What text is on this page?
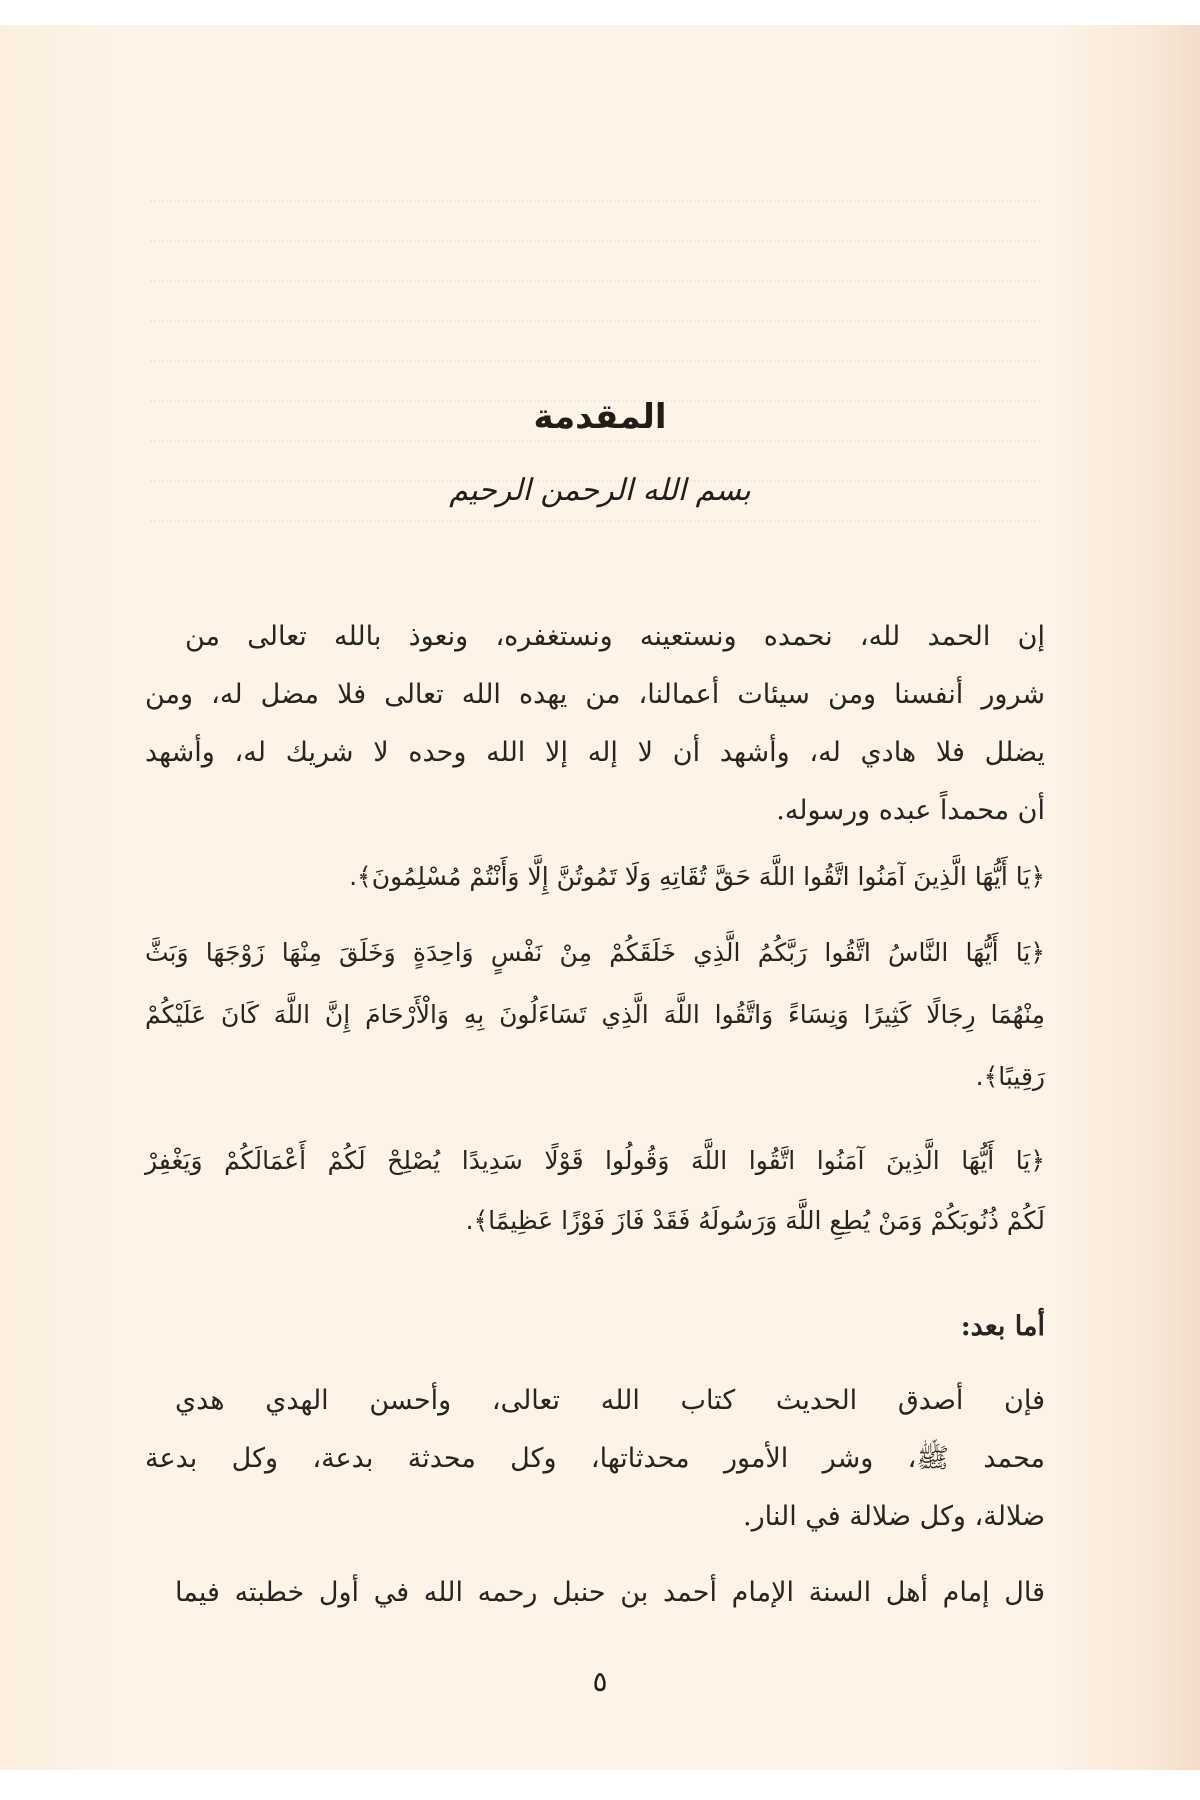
المقدمة
بسم الله الرحمن الرحيم
إن الحمد لله، نحمده ونستعينه ونستغفره، ونعوذ بالله تعالى من
شرور أنفسنا ومن سيئات أعمالنا، من يهده الله تعالى فلا مضل له، ومن
يضلل فلا هادي له، وأشهد أن لا إله إلا الله وحده لا شريك له، وأشهد
أن محمداً عبده ورسوله.
﴿يَا أَيُّهَا الَّذِينَ آمَنُوا اتَّقُوا اللَّهَ حَقَّ تُقَاتِهِ وَلَا تَمُوتُنَّ إِلَّا وَأَنْتُمْ مُسْلِمُونَ﴾.
﴿يَا أَيُّهَا النَّاسُ اتَّقُوا رَبَّكُمُ الَّذِي خَلَقَكُمْ مِنْ نَفْسٍ وَاحِدَةٍ وَخَلَقَ مِنْهَا زَوْجَهَا وَبَثَّ
مِنْهُمَا رِجَالًا كَثِيرًا وَنِسَاءً وَاتَّقُوا اللَّهَ الَّذِي تَسَاءَلُونَ بِهِ وَالْأَرْحَامَ إِنَّ اللَّهَ كَانَ عَلَيْكُمْ
رَقِيبًا﴾.
﴿يَا أَيُّهَا الَّذِينَ آمَنُوا اتَّقُوا اللَّهَ وَقُولُوا قَوْلًا سَدِيدًا يُصْلِحْ لَكُمْ أَعْمَالَكُمْ وَيَغْفِرْ
لَكُمْ ذُنُوبَكُمْ وَمَنْ يُطِعِ اللَّهَ وَرَسُولَهُ فَقَدْ فَازَ فَوْزًا عَظِيمًا﴾.
أما بعد:
فإن أصدق الحديث كتاب الله تعالى، وأحسن الهدي هدي
محمد ﷺ، وشر الأمور محدثاتها، وكل محدثة بدعة، وكل بدعة
ضلالة، وكل ضلالة في النار.
قال إمام أهل السنة الإمام أحمد بن حنبل رحمه الله في أول خطبته فيما
٥
